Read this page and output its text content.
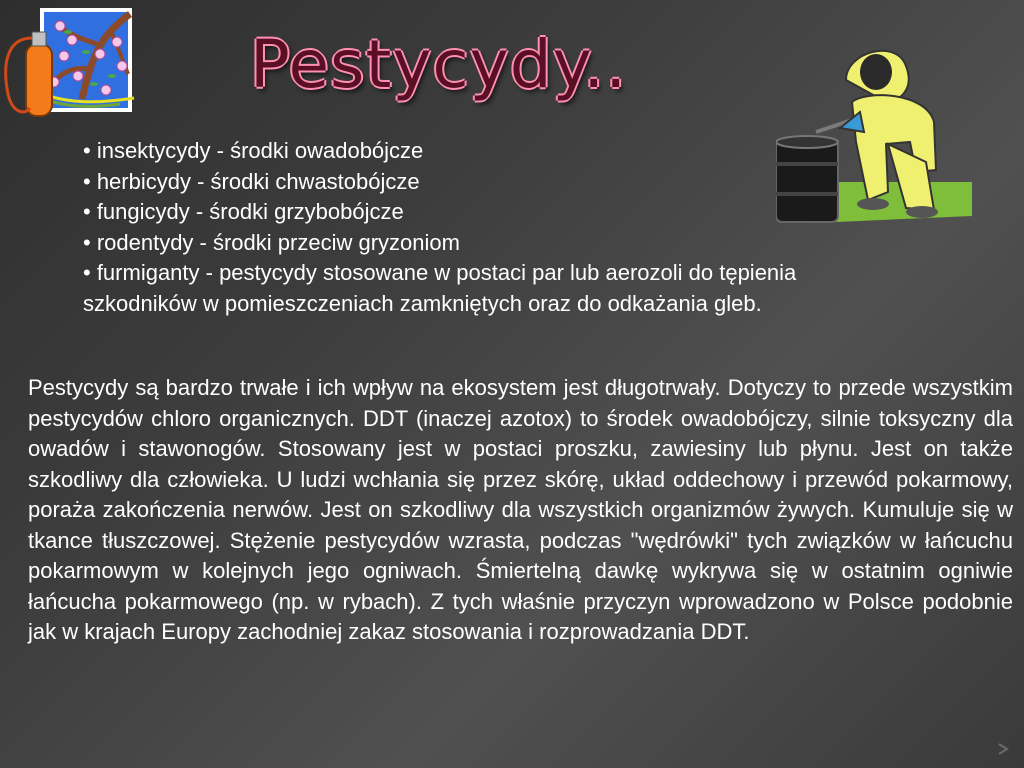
Pestycydy..
• insektycydy - środki owadobójcze
• herbicydy - środki chwastobójcze
• fungicydy - środki grzybobójcze
• rodentydy - środki przeciw gryzoniom
• furmiganty - pestycydy stosowane w postaci par lub aerozoli do tępienia szkodników w pomieszczeniach zamkniętych oraz do odkażania gleb.

Pestycydy są bardzo trwałe i ich wpływ na ekosystem jest długotrwały. Dotyczy to przede wszystkim pestycydów chloro organicznych. DDT (inaczej azotox) to środek owadobójczy, silnie toksyczny dla owadów i stawonogów. Stosowany jest w postaci proszku, zawiesiny lub płynu. Jest on także szkodliwy dla człowieka. U ludzi wchłania się przez skórę, układ oddechowy i przewód pokarmowy, poraża zakończenia nerwów. Jest on szkodliwy dla wszystkich organizmów żywych. Kumuluje się w tkance tłuszczowej. Stężenie pestycydów wzrasta, podczas "wędrówki" tych związków w łańcuchu pokarmowym w kolejnych jego ogniwach. Śmiertelną dawkę wykrywa się w ostatnim ogniwie łańcucha pokarmowego (np. w rybach). Z tych właśnie przyczyn wprowadzono w Polsce podobnie jak w krajach Europy zachodniej zakaz stosowania i rozprowadzania DDT.
